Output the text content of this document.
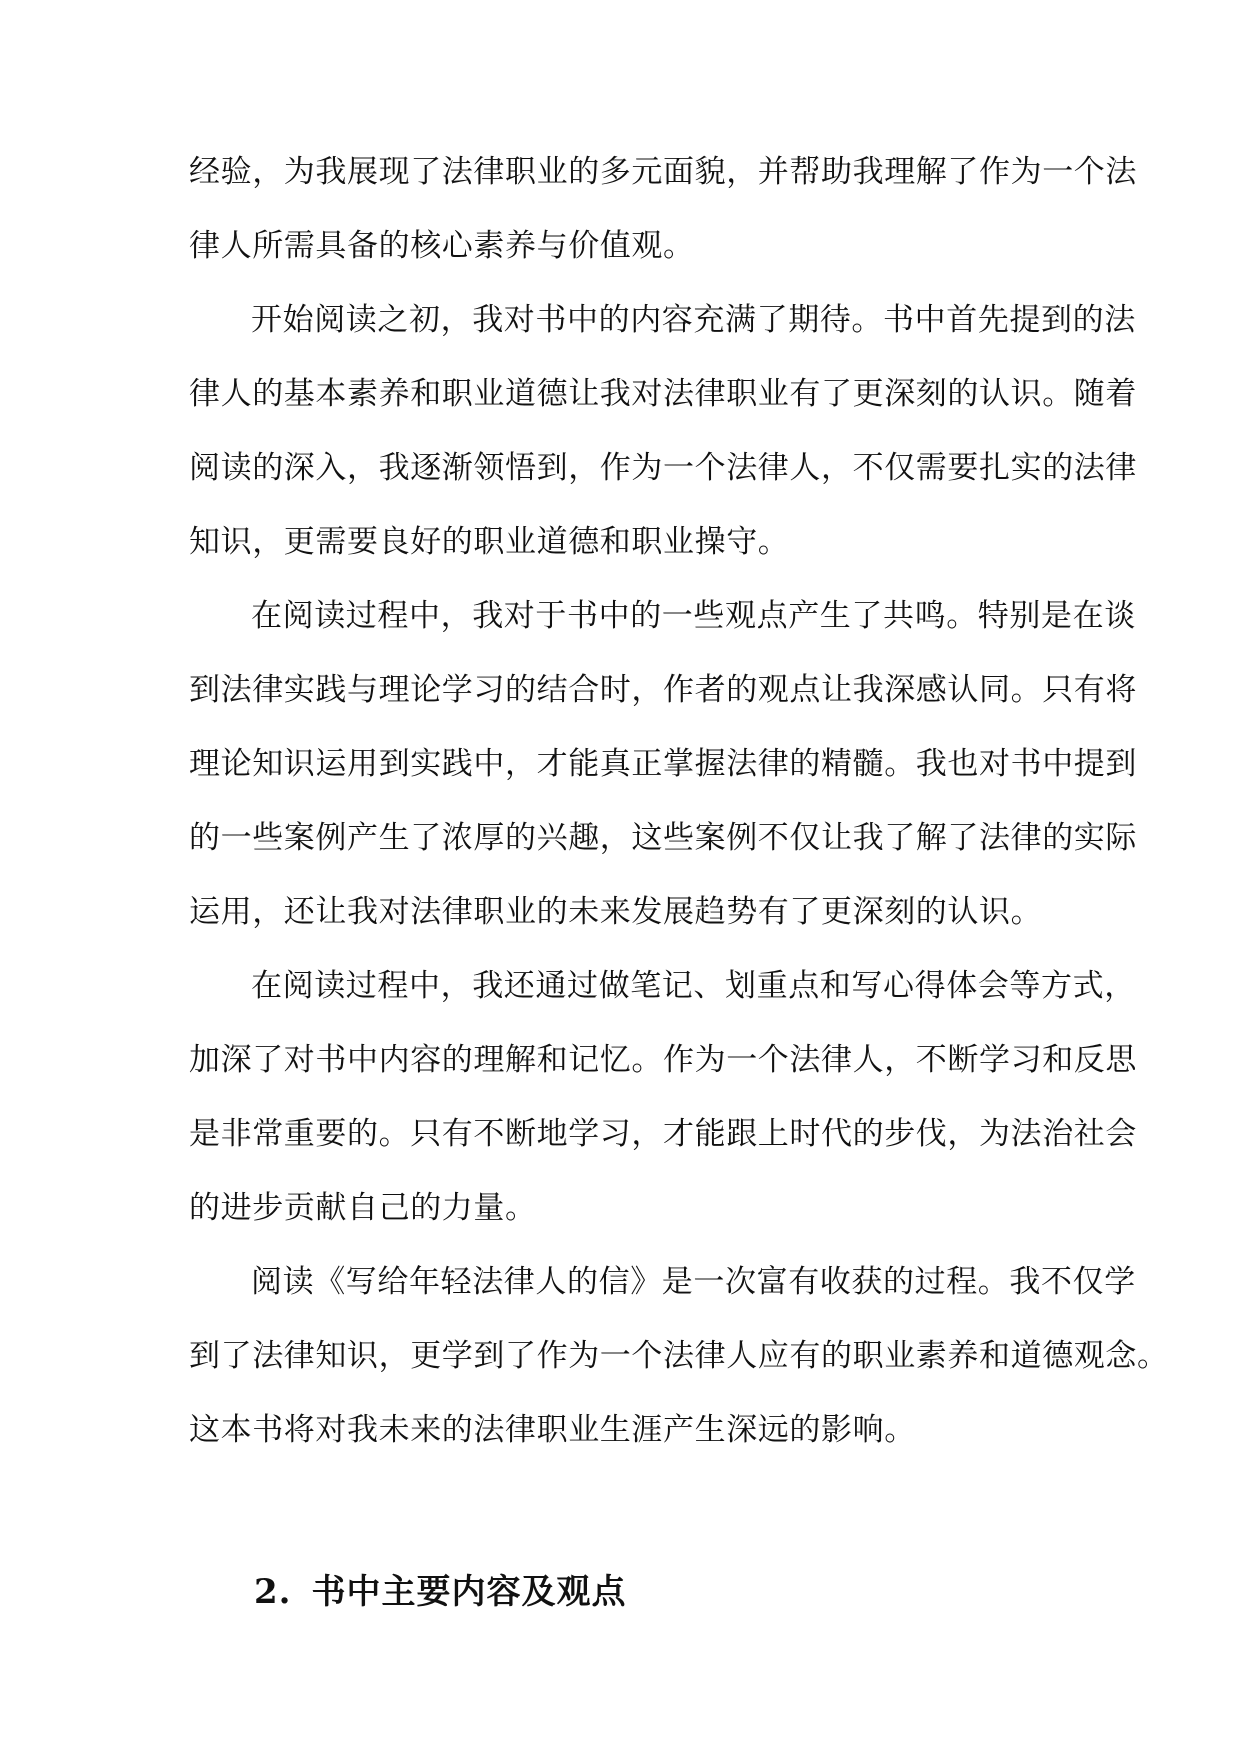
经验，为我展现了法律职业的多元面貌，并帮助我理解了作为一个法
律人所需具备的核心素养与价值观。
开始阅读之初，我对书中的内容充满了期待。书中首先提到的法
律人的基本素养和职业道德让我对法律职业有了更深刻的认识。随着
阅读的深入，我逐渐领悟到，作为一个法律人，不仅需要扎实的法律
知识，更需要良好的职业道德和职业操守。
在阅读过程中，我对于书中的一些观点产生了共鸣。特别是在谈
到法律实践与理论学习的结合时，作者的观点让我深感认同。只有将
理论知识运用到实践中，才能真正掌握法律的精髓。我也对书中提到
的一些案例产生了浓厚的兴趣，这些案例不仅让我了解了法律的实际
运用，还让我对法律职业的未来发展趋势有了更深刻的认识。
在阅读过程中，我还通过做笔记、划重点和写心得体会等方式，
加深了对书中内容的理解和记忆。作为一个法律人，不断学习和反思
是非常重要的。只有不断地学习，才能跟上时代的步伐，为法治社会
的进步贡献自己的力量。
阅读《写给年轻法律人的信》是一次富有收获的过程。我不仅学
到了法律知识，更学到了作为一个法律人应有的职业素养和道德观念。
这本书将对我未来的法律职业生涯产生深远的影响。
2. 书中主要内容及观点
